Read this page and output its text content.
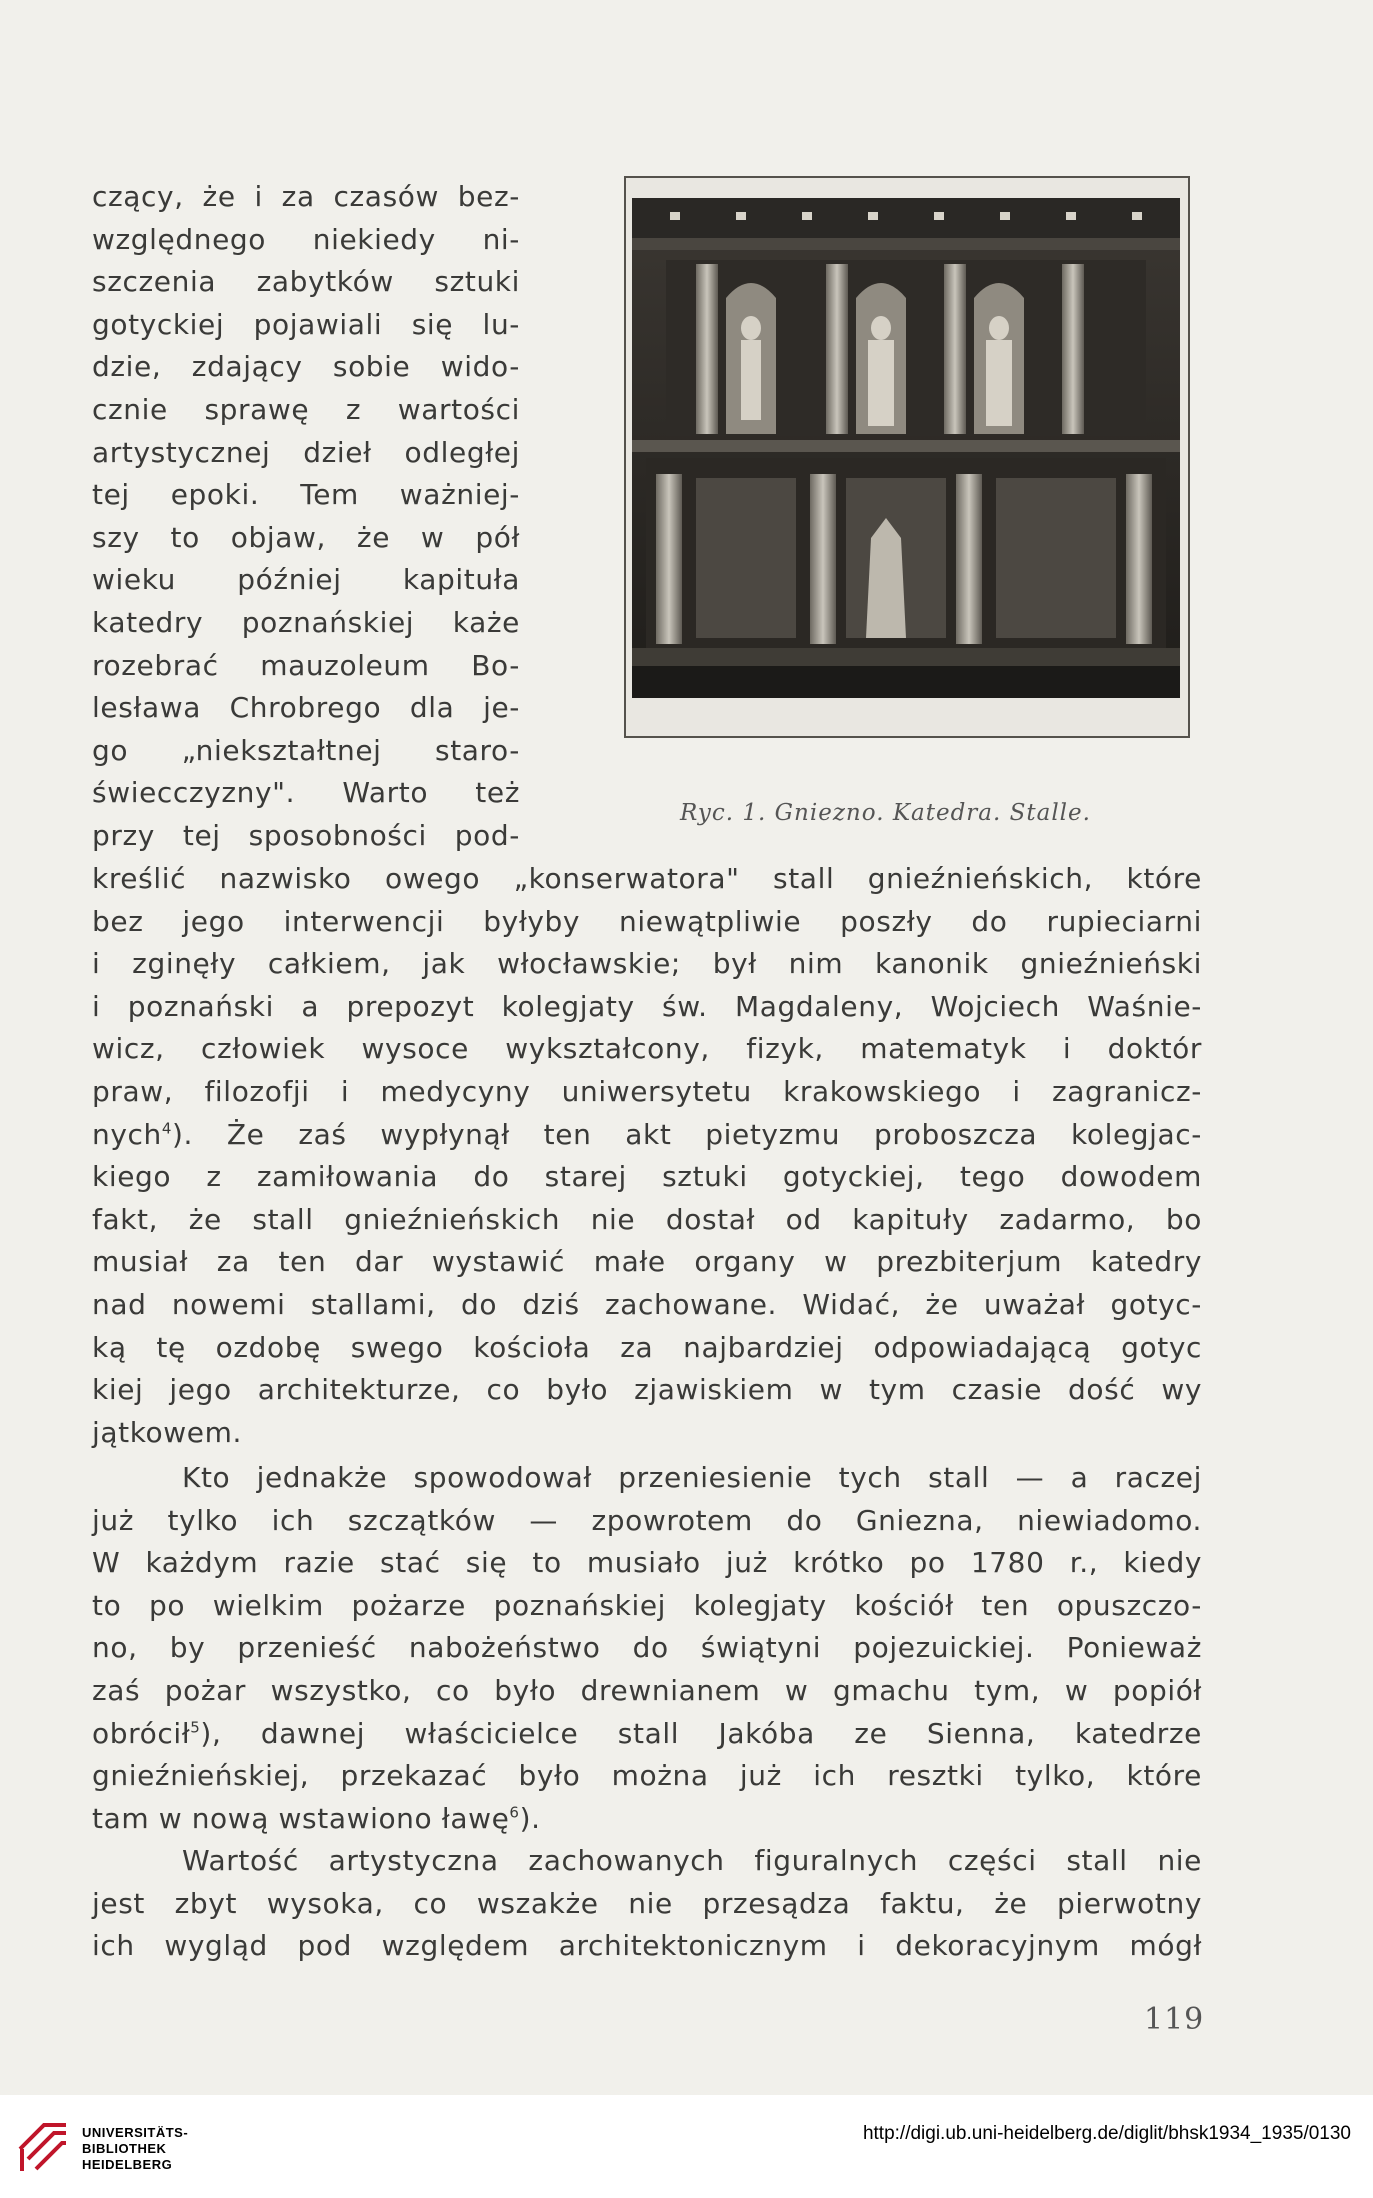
czący, że i za czasów bez-
względnego niekiedy ni-
szczenia zabytków sztuki
gotyckiej pojawiali się lu-
dzie, zdający sobie wido-
cznie sprawę z wartości
artystycznej dzieł odległej
tej epoki. Tem ważniej-
szy to objaw, że w pół
wieku później kapituła
katedry poznańskiej każe
rozebrać mauzoleum Bo-
lesława Chrobrego dla je-
go „niekształtnej staro-
świecczyzny". Warto też
przy tej sposobności pod-
Ryc. 1. Gniezno. Katedra. Stalle.
kreślić nazwisko owego „konserwatora" stall gnieźnieńskich, które
bez jego interwencji byłyby niewątpliwie poszły do rupieciarni
i zginęły całkiem, jak włocławskie; był nim kanonik gnieźnieński
i poznański a prepozyt kolegjaty św. Magdaleny, Wojciech Waśnie-
wicz, człowiek wysoce wykształcony, fizyk, matematyk i doktór
praw, filozofji i medycyny uniwersytetu krakowskiego i zagranicz-
nych$^4$). Że zaś wypłynął ten akt pietyzmu proboszcza kolegjac-
kiego z zamiłowania do starej sztuki gotyckiej, tego dowodem
fakt, że stall gnieźnieńskich nie dostał od kapituły zadarmo, bo
musiał za ten dar wystawić małe organy w prezbiterjum katedry
nad nowemi stallami, do dziś zachowane. Widać, że uważał gotyc-
ką tę ozdobę swego kościoła za najbardziej odpowiadającą gotyc
kiej jego architekturze, co było zjawiskiem w tym czasie dość wy
jątkowem.
Kto jednakże spowodował przeniesienie tych stall — a raczej
już tylko ich szczątków — zpowrotem do Gniezna, niewiadomo.
W każdym razie stać się to musiało już krótko po 1780 r., kiedy
to po wielkim pożarze poznańskiej kolegjaty kościół ten opuszczo-
no, by przenieść nabożeństwo do świątyni pojezuickiej. Ponieważ
zaś pożar wszystko, co było drewnianem w gmachu tym, w popiół
obrócił$^5$), dawnej właścicielce stall Jakóba ze Sienna, katedrze
gnieźnieńskiej, przekazać było można już ich resztki tylko, które
tam w nową wstawiono ławę$^6$).
Wartość artystyczna zachowanych figuralnych części stall nie
jest zbyt wysoka, co wszakże nie przesądza faktu, że pierwotny
ich wygląd pod względem architektonicznym i dekoracyjnym mógł
119
UNIVERSITÄTS-
BIBLIOTHEK
HEIDELBERG
http://digi.ub.uni-heidelberg.de/diglit/bhsk1934_1935/0130
